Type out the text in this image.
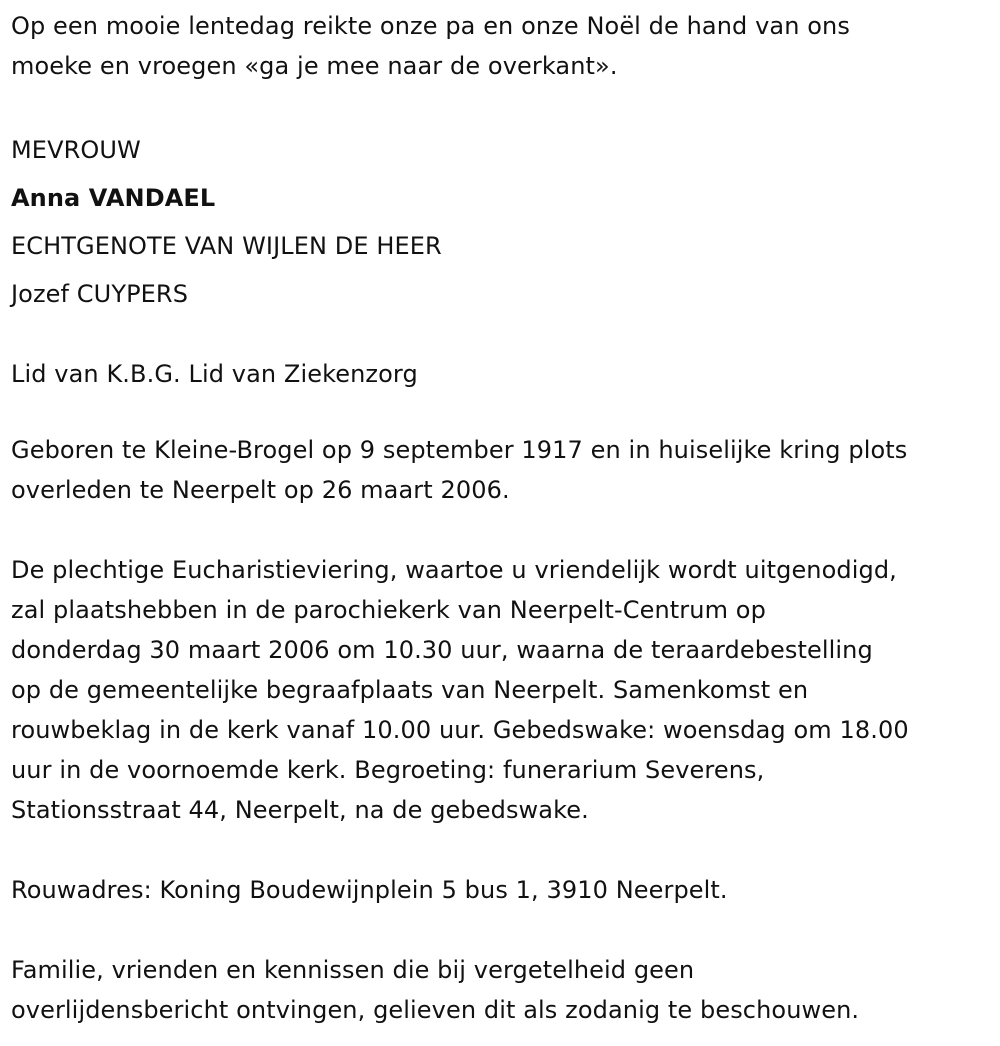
Op een mooie lentedag reikte onze pa en onze Noël de hand van ons
moeke en vroegen «ga je mee naar de overkant».
MEVROUW
Anna VANDAEL
ECHTGENOTE VAN WIJLEN DE HEER
Jozef CUYPERS
Lid van K.B.G. Lid van Ziekenzorg
Geboren te Kleine-Brogel op 9 september 1917 en in huiselijke kring plots
overleden te Neerpelt op 26 maart 2006.
De plechtige Eucharistieviering, waartoe u vriendelijk wordt uitgenodigd,
zal plaatshebben in de parochiekerk van Neerpelt-Centrum op
donderdag 30 maart 2006 om 10.30 uur, waarna de teraardebestelling
op de gemeentelijke begraafplaats van Neerpelt. Samenkomst en
rouwbeklag in de kerk vanaf 10.00 uur. Gebedswake: woensdag om 18.00
uur in de voornoemde kerk. Begroeting: funerarium Severens,
Stationsstraat 44, Neerpelt, na de gebedswake.
Rouwadres: Koning Boudewijnplein 5 bus 1, 3910 Neerpelt.
Familie, vrienden en kennissen die bij vergetelheid geen
overlijdensbericht ontvingen, gelieven dit als zodanig te beschouwen.
